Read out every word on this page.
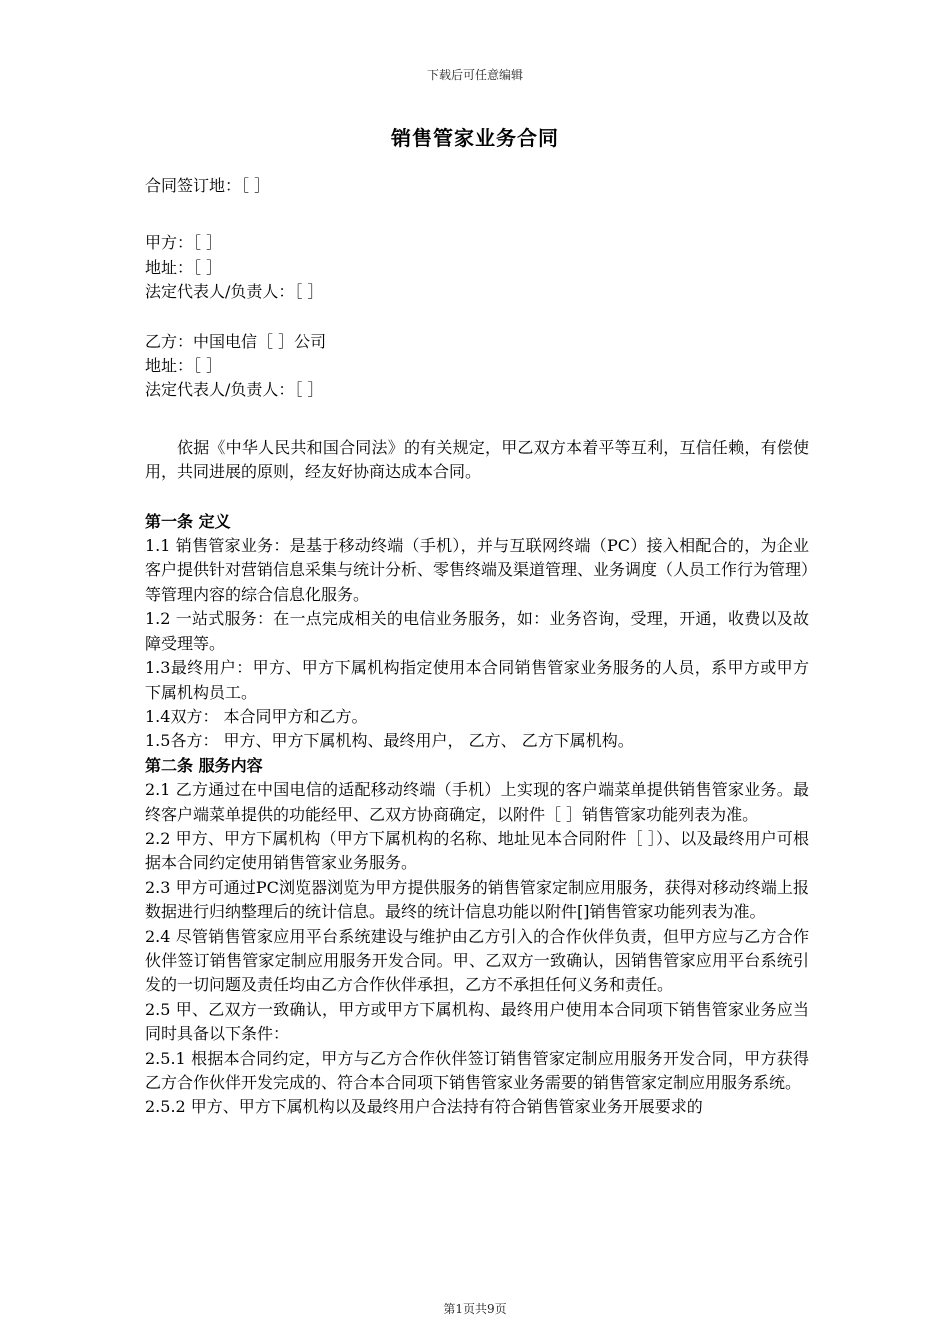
下载后可任意编辑
销售管家业务合同

合同签订地：［ ］

甲方：［ ］

地址：［ ］

法定代表人/负责人：［ ］

乙方：中国电信［ ］公司

地址：［ ］

法定代表人/负责人：［ ］

依据《中华人民共和国合同法》的有关规定，甲乙双方本着平等互利，互信任赖，有偿使用，共同进展的原则，经友好协商达成本合同。

第一条 定义

1.1 销售管家业务：是基于移动终端（手机），并与互联网终端（PC）接入相配合的，为企业客户提供针对营销信息采集与统计分析、零售终端及渠道管理、业务调度（人员工作行为管理）等管理内容的综合信息化服务。

1.2 一站式服务：在一点完成相关的电信业务服务，如：业务咨询，受理，开通，收费以及故障受理等。

1.3最终用户：甲方、甲方下属机构指定使用本合同销售管家业务服务的人员，系甲方或甲方下属机构员工。

1.4双方： 本合同甲方和乙方。

1.5各方： 甲方、甲方下属机构、最终用户， 乙方、 乙方下属机构。

第二条 服务内容

2.1 乙方通过在中国电信的适配移动终端（手机）上实现的客户端菜单提供销售管家业务。最终客户端菜单提供的功能经甲、乙双方协商确定，以附件［ ］销售管家功能列表为准。

2.2 甲方、甲方下属机构（甲方下属机构的名称、地址见本合同附件［ ］）、以及最终用户可根据本合同约定使用销售管家业务服务。

2.3 甲方可通过PC浏览器浏览为甲方提供服务的销售管家定制应用服务，获得对移动终端上报数据进行归纳整理后的统计信息。最终的统计信息功能以附件[]销售管家功能列表为准。

2.4 尽管销售管家应用平台系统建设与维护由乙方引入的合作伙伴负责，但甲方应与乙方合作伙伴签订销售管家定制应用服务开发合同。甲、乙双方一致确认，因销售管家应用平台系统引发的一切问题及责任均由乙方合作伙伴承担，乙方不承担任何义务和责任。

2.5 甲、乙双方一致确认，甲方或甲方下属机构、最终用户使用本合同项下销售管家业务应当同时具备以下条件：

2.5.1 根据本合同约定，甲方与乙方合作伙伴签订销售管家定制应用服务开发合同，甲方获得乙方合作伙伴开发完成的、符合本合同项下销售管家业务需要的销售管家定制应用服务系统。

2.5.2 甲方、甲方下属机构以及最终用户合法持有符合销售管家业务开展要求的

第1页共9页
